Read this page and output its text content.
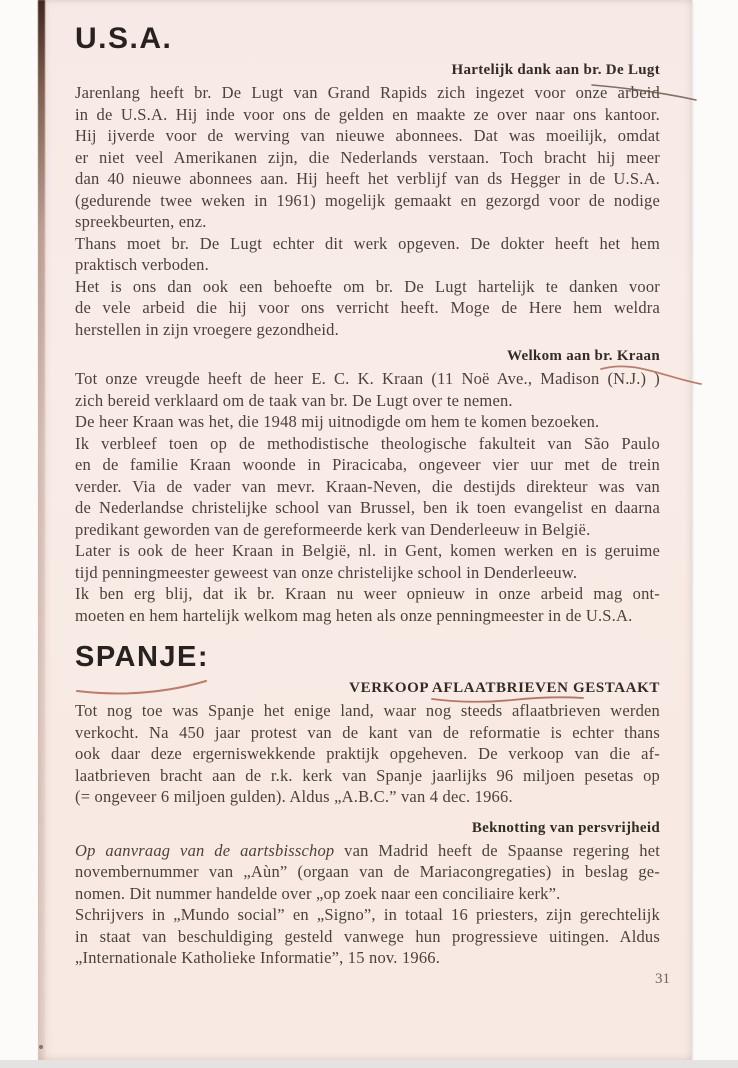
U.S.A.
Hartelijk dank aan br. De Lugt
Jarenlang heeft br. De Lugt van Grand Rapids zich ingezet voor onze arbeid
in de U.S.A. Hij inde voor ons de gelden en maakte ze over naar ons kantoor.
Hij ijverde voor de werving van nieuwe abonnees. Dat was moeilijk, omdat
er niet veel Amerikanen zijn, die Nederlands verstaan. Toch bracht hij meer
dan 40 nieuwe abonnees aan. Hij heeft het verblijf van ds Hegger in de U.S.A.
(gedurende twee weken in 1961) mogelijk gemaakt en gezorgd voor de nodige
spreekbeurten, enz.
Thans moet br. De Lugt echter dit werk opgeven. De dokter heeft het hem
praktisch verboden.
Het is ons dan ook een behoefte om br. De Lugt hartelijk te danken voor
de vele arbeid die hij voor ons verricht heeft. Moge de Here hem weldra
herstellen in zijn vroegere gezondheid.
Welkom aan br. Kraan
Tot onze vreugde heeft de heer E. C. K. Kraan (11 Noë Ave., Madison (N.J.) )
zich bereid verklaard om de taak van br. De Lugt over te nemen.
De heer Kraan was het, die 1948 mij uitnodigde om hem te komen bezoeken.
Ik verbleef toen op de methodistische theologische fakulteit van São Paulo
en de familie Kraan woonde in Piracicaba, ongeveer vier uur met de trein
verder. Via de vader van mevr. Kraan-Neven, die destijds direkteur was van
de Nederlandse christelijke school van Brussel, ben ik toen evangelist en daarna
predikant geworden van de gereformeerde kerk van Denderleeuw in België.
Later is ook de heer Kraan in België, nl. in Gent, komen werken en is geruime
tijd penningmeester geweest van onze christelijke school in Denderleeuw.
Ik ben erg blij, dat ik br. Kraan nu weer opnieuw in onze arbeid mag ont-
moeten en hem hartelijk welkom mag heten als onze penningmeester in de U.S.A.
SPANJE:
VERKOOP AFLAATBRIEVEN GESTAAKT
Tot nog toe was Spanje het enige land, waar nog steeds aflaatbrieven werden
verkocht. Na 450 jaar protest van de kant van de reformatie is echter thans
ook daar deze ergerniswekkende praktijk opgeheven. De verkoop van die af-
laatbrieven bracht aan de r.k. kerk van Spanje jaarlijks 96 miljoen pesetas op
(= ongeveer 6 miljoen gulden). Aldus „A.B.C.” van 4 dec. 1966.
Beknotting van persvrijheid
Op aanvraag van de aartsbisschop van Madrid heeft de Spaanse regering het
novembernummer van „Aùn” (orgaan van de Mariacongregaties) in beslag ge-
nomen. Dit nummer handelde over „op zoek naar een conciliaire kerk”.
Schrijvers in „Mundo social” en „Signo”, in totaal 16 priesters, zijn gerechtelijk
in staat van beschuldiging gesteld vanwege hun progressieve uitingen. Aldus
„Internationale Katholieke Informatie”, 15 nov. 1966.
31
